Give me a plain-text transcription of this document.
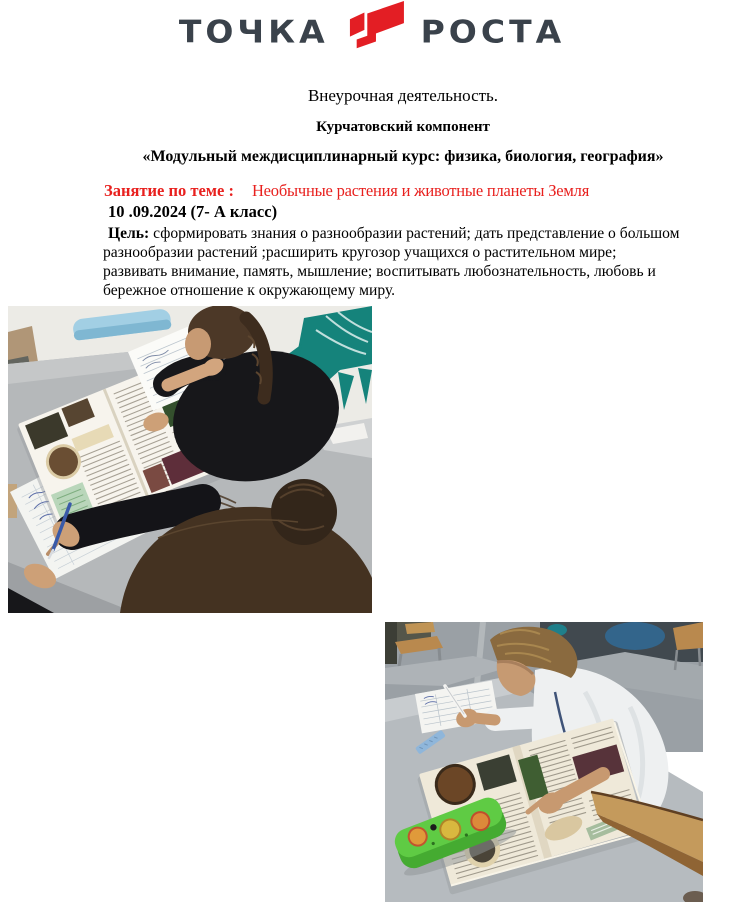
ТОЧКА	РОСТА
Внеурочная деятельность.
Курчатовский компонент
«Модульный междисциплинарный курс: физика, биология, география»
Занятие по теме : Необычные растения и животные планеты Земля
10 .09.2024 (7- А класс)
Цель: сформировать знания о разнообразии растений; дать представление о большом разнообразии растений ;расширить кругозор учащихся о растительном мире; развивать внимание, память, мышление; воспитывать любознательность, любовь и бережное отношение к окружающему миру.
